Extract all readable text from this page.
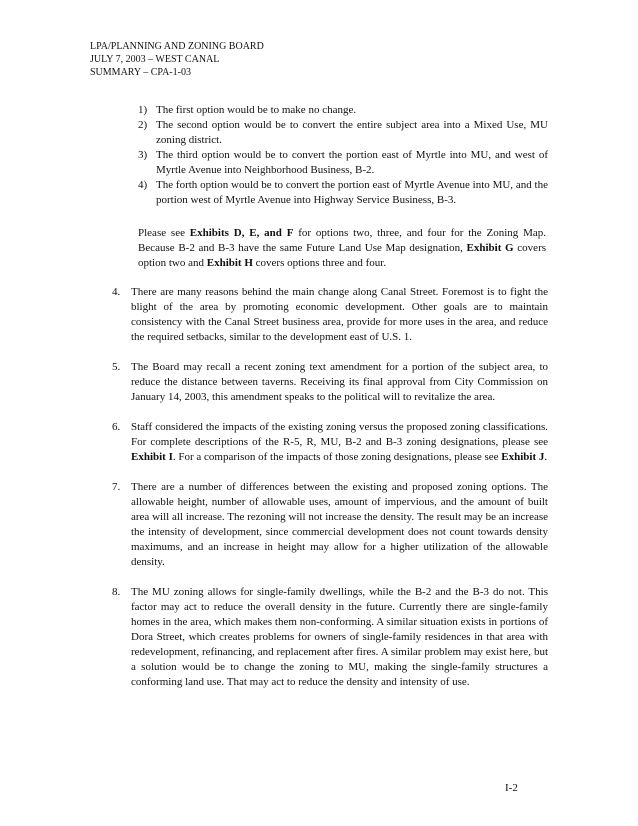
LPA/PLANNING AND ZONING BOARD
JULY 7, 2003 – WEST CANAL
SUMMARY – CPA-1-03
1) The first option would be to make no change.
2) The second option would be to convert the entire subject area into a Mixed Use, MU zoning district.
3) The third option would be to convert the portion east of Myrtle into MU, and west of Myrtle Avenue into Neighborhood Business, B-2.
4) The forth option would be to convert the portion east of Myrtle Avenue into MU, and the portion west of Myrtle Avenue into Highway Service Business, B-3.

Please see Exhibits D, E, and F for options two, three, and four for the Zoning Map. Because B-2 and B-3 have the same Future Land Use Map designation, Exhibit G covers option two and Exhibit H covers options three and four.

4. There are many reasons behind the main change along Canal Street. Foremost is to fight the blight of the area by promoting economic development. Other goals are to maintain consistency with the Canal Street business area, provide for more uses in the area, and reduce the required setbacks, similar to the development east of U.S. 1.
5. The Board may recall a recent zoning text amendment for a portion of the subject area, to reduce the distance between taverns. Receiving its final approval from City Commission on January 14, 2003, this amendment speaks to the political will to revitalize the area.
6. Staff considered the impacts of the existing zoning versus the proposed zoning classifications. For complete descriptions of the R-5, R, MU, B-2 and B-3 zoning designations, please see Exhibit I. For a comparison of the impacts of those zoning designations, please see Exhibit J.
7. There are a number of differences between the existing and proposed zoning options. The allowable height, number of allowable uses, amount of impervious, and the amount of built area will all increase. The rezoning will not increase the density. The result may be an increase the intensity of development, since commercial development does not count towards density maximums, and an increase in height may allow for a higher utilization of the allowable density.
8. The MU zoning allows for single-family dwellings, while the B-2 and the B-3 do not. This factor may act to reduce the overall density in the future. Currently there are single-family homes in the area, which makes them non-conforming. A similar situation exists in portions of Dora Street, which creates problems for owners of single-family residences in that area with redevelopment, refinancing, and replacement after fires. A similar problem may exist here, but a solution would be to change the zoning to MU, making the single-family structures a conforming land use. That may act to reduce the density and intensity of use.
I-2
